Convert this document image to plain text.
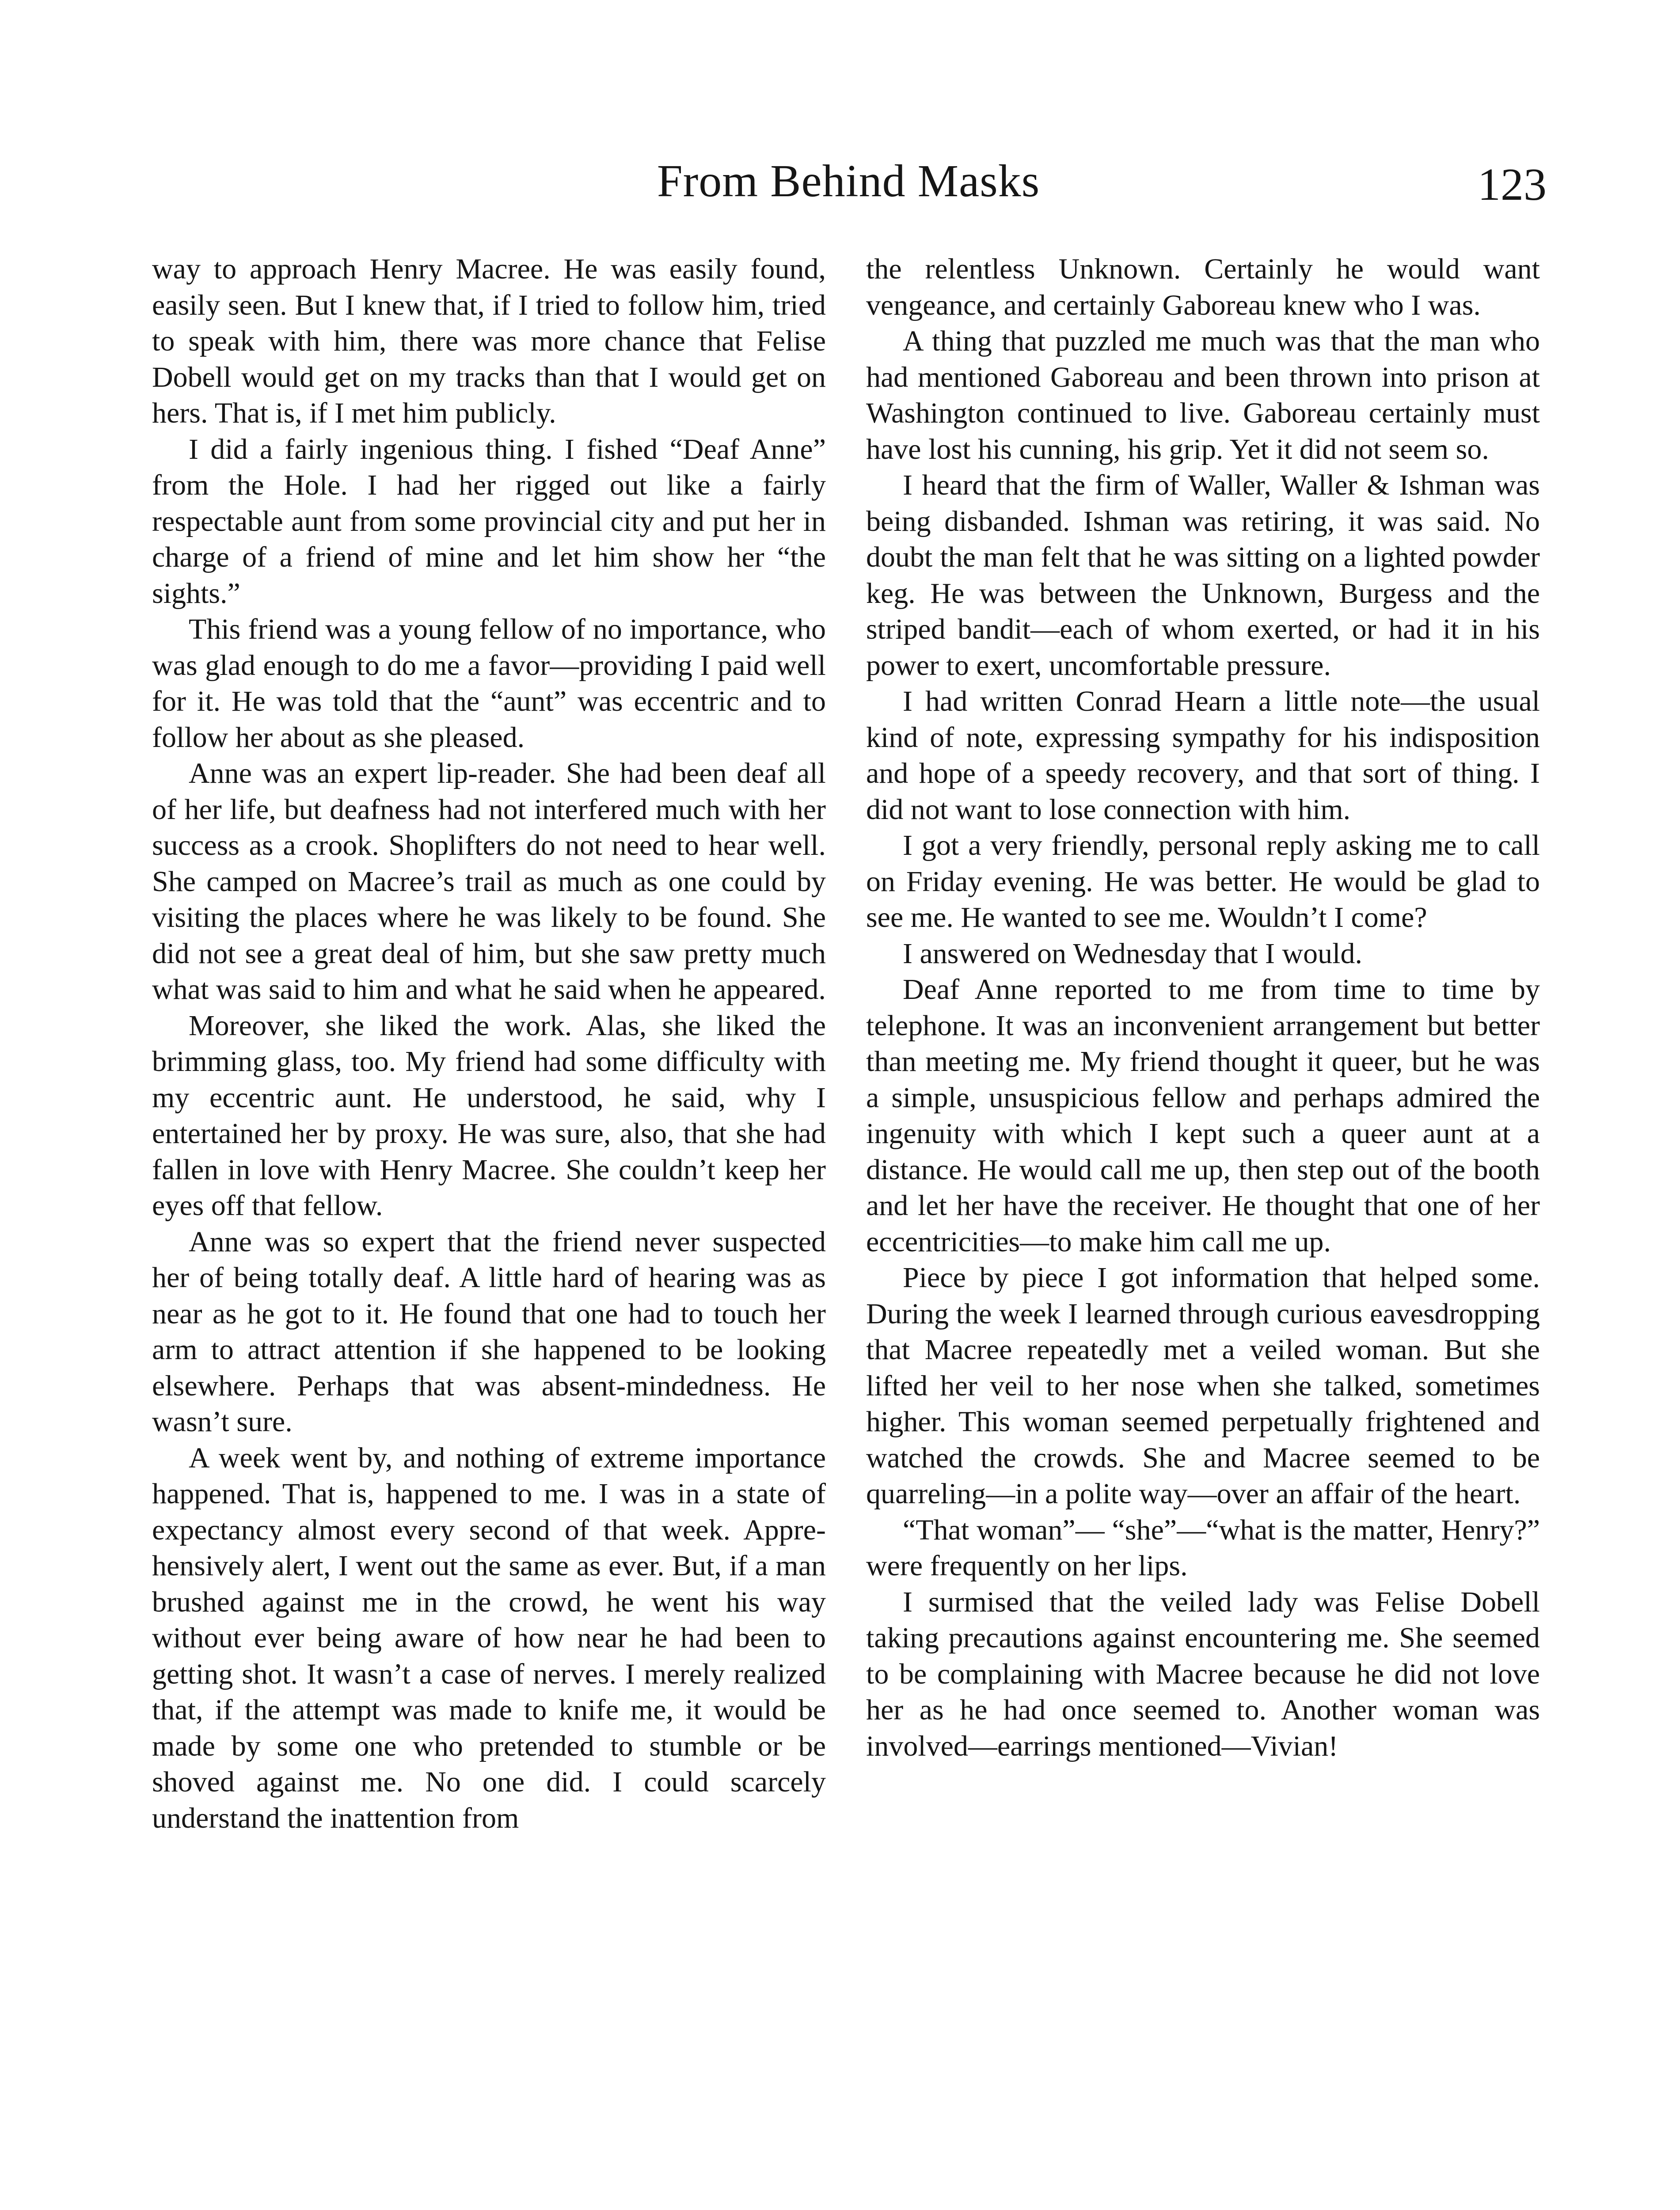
From Behind Masks	123

way to approach Henry Macree. He was easily found, easily seen. But I knew that, if I tried to follow him, tried to speak with him, there was more chance that Felise Dobell would get on my tracks than that I would get on hers. That is, if I met him publicly.

I did a fairly ingenious thing. I fished “Deaf Anne” from the Hole. I had her rigged out like a fairly respectable aunt from some provincial city and put her in charge of a friend of mine and let him show her “the sights.”

This friend was a young fellow of no importance, who was glad enough to do me a favor—providing I paid well for it. He was told that the “aunt” was eccentric and to follow her about as she pleased.

Anne was an expert lip-reader. She had been deaf all of her life, but deafness had not interfered much with her success as a crook. Shoplifters do not need to hear well. She camped on Macree’s trail as much as one could by visiting the places where he was likely to be found. She did not see a great deal of him, but she saw pretty much what was said to him and what he said when he appeared.

Moreover, she liked the work. Alas, she liked the brimming glass, too. My friend had some difficulty with my eccentric aunt. He understood, he said, why I entertained her by proxy. He was sure, also, that she had fallen in love with Henry Macree. She couldn’t keep her eyes off that fellow.

Anne was so expert that the friend never suspected her of being totally deaf. A little hard of hearing was as near as he got to it. He found that one had to touch her arm to attract attention if she happened to be looking elsewhere. Perhaps that was absent-mindedness. He wasn’t sure.

A week went by, and nothing of extreme importance happened. That is, happened to me. I was in a state of expectancy almost every second of that week. Apprehensively alert, I went out the same as ever. But, if a man brushed against me in the crowd, he went his way without ever being aware of how near he had been to getting shot. It wasn’t a case of nerves. I merely realized that, if the attempt was made to knife me, it would be made by some one who pretended to stumble or be shoved against me. No one did. I could scarcely understand the inattention from

the relentless Unknown. Certainly he would want vengeance, and certainly Gaboreau knew who I was.

A thing that puzzled me much was that the man who had mentioned Gaboreau and been thrown into prison at Washington continued to live. Gaboreau certainly must have lost his cunning, his grip. Yet it did not seem so.

I heard that the firm of Waller, Waller & Ishman was being disbanded. Ishman was retiring, it was said. No doubt the man felt that he was sitting on a lighted powder keg. He was between the Unknown, Burgess and the striped bandit—each of whom exerted, or had it in his power to exert, uncomfortable pressure.

I had written Conrad Hearn a little note—the usual kind of note, expressing sympathy for his indisposition and hope of a speedy recovery, and that sort of thing. I did not want to lose connection with him.

I got a very friendly, personal reply asking me to call on Friday evening. He was better. He would be glad to see me. He wanted to see me. Wouldn’t I come?

I answered on Wednesday that I would.

Deaf Anne reported to me from time to time by telephone. It was an inconvenient arrangement but better than meeting me. My friend thought it queer, but he was a simple, unsuspicious fellow and perhaps admired the ingenuity with which I kept such a queer aunt at a distance. He would call me up, then step out of the booth and let her have the receiver. He thought that one of her eccentricities—to make him call me up.

Piece by piece I got information that helped some. During the week I learned through curious eavesdropping that Macree repeatedly met a veiled woman. But she lifted her veil to her nose when she talked, sometimes higher. This woman seemed perpetually frightened and watched the crowds. She and Macree seemed to be quarreling—in a polite way—over an affair of the heart.

“That woman”— “she”—“what is the matter, Henry?” were frequently on her lips.

I surmised that the veiled lady was Felise Dobell taking precautions against encountering me. She seemed to be complaining with Macree because he did not love her as he had once seemed to. Another woman was involved—earrings mentioned—Vivian!
